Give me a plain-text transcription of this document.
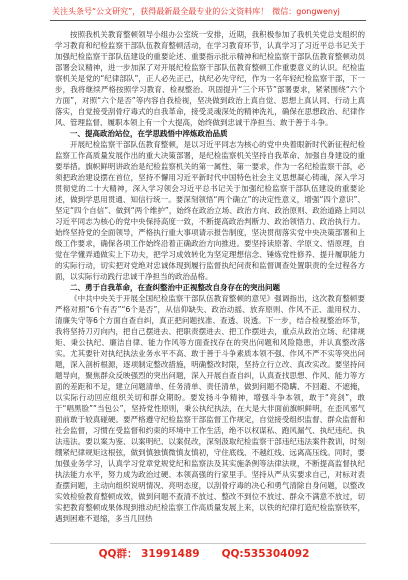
关注头条号“公文研究”，获得最新最全最专业的公文资料库！ 微信：gongwenyj

按照我机关教育整顿领导小组办公室统一安排，近期，我积极参加了我机关党总支组织的学习教育和纪检监察干部队伍教育整顿活动，在学习教育环节，认真学习了习近平总书记关于加强纪检监察干部队伍建设的重要论述、重要指示批示精神和纪检监察干部队伍教育整顿动员部署会议精神，进一步加深了对开展纪检监察干部队伍教育整顿工作重要意义的认识。纪检监察机关是党的“纪律部队”，正人必先正己，执纪必先守纪，作为一名年轻纪检监察干部，下一步，我将继续严格按照学习教育、检视整治、巩固提升“三个环节”部署要求，紧紧围绕“六个方面”，对照“六个是否”等内容自我检视，坚决做到政治上真自觉、思想上真认同、行动上真落实，自觉接受刮骨疗毒式的自我革命，接受灵魂深处的精神洗礼，确保在思想政治、纪律作风、管理监督、履职本领上有一个大提高，始终做到忠诚干净担当、敢于善于斗争。

一、提高政治站位，在学思践悟中淬炼政治品质

开展纪检监察干部队伍教育整顿，是以习近平同志为核心的党中央着眼新时代新征程纪检监察工作高质量发展作出的重大决策部署，是纪检监察机关坚持自我革命、加强自身建设的重要举措。旗帜鲜明讲政治是纪检监察机关的第一属性、第一要求，作为一名纪检监察干部，必须把政治建设摆在首位，坚持不懈用习近平新时代中国特色社会主义思想凝心铸魂，深入学习贯彻党的二十大精神，深入学习领会习近平总书记关于加强纪检监察干部队伍建设的重要论述，做到学思用贯通、知信行统一。要深刻领悟“两个确立”的决定性意义，增强“四个意识”、坚定“四个自信”、做到“两个维护”，始终在政治立场、政治方向、政治原则、政治道路上同以习近平同志为核心的党中央保持高度一致，不断提高政治判断力、政治领悟力、政治执行力。始终坚持党的全面领导，严格执行重大事项请示报告制度，坚决贯彻落实党中央决策部署和上级工作要求，确保各项工作始终沿着正确政治方向推进。要坚持读原著、学原文、悟原理，自觉在学懂弄通做实上下功夫，把学习成效转化为坚定理想信念、锤炼党性修养、提升履职能力的实际行动，切实把对党绝对忠诚体现到履行监督执纪问责和监督调查处置职责的全过程各方面，以实际行动践行忠诚干净担当的政治品格。

二、勇于自我革命，在查纠整治中正视整改自身存在的突出问题

《中共中央关于开展全国纪检监察干部队伍教育整顿的意见》强调指出，这次教育整顿要严格对照“6个有否”“6个是否”，从信仰缺失、政治动摇、放弃原则、作风不正、滥用权力、清廉失守等6个方面自查自纠，真正把问题找准、查透、说透。下一步，结合检视整治环节，我将坚持刀刃向内，把自己摆进去、把职责摆进去、把工作摆进去，重点从政治立场、纪律规矩、秉公执纪、廉洁自律、能力作风等方面查找存在的突出问题和风险隐患，并认真整改落实。尤其要针对执纪执法业务水平不高、敢于善于斗争素质本领不强、作风不严不实等突出问题，深入剖析根源，逐项制定整改措施，明确整改时限，坚持立行立改、真改实改。要坚持问题导向，聚焦群众反映强烈的突出问题，深入开展自查自纠，认真查找思想、作风、能力等方面的差距和不足，建立问题清单、任务清单、责任清单，做到问题不隐瞒、不回避、不遮掩，以实际行动回应组织关切和群众期盼。要发扬斗争精神，增强斗争本领，敢于“亮剑”，敢于“唱黑脸”“当包公”，坚持党性原则，秉公执纪执法，在大是大非面前旗帜鲜明，在歪风邪气面前敢于较真碰硬。要严格遵守纪检监察干部监督工作规定，自觉接受组织监督、群众监督和社会监督，习惯在受监督和约束的环境中工作生活，绝不以权谋私、跑风漏气、执纪违纪、执法违法。要以案为鉴、以案明纪、以案促改，深刻汲取纪检监察干部违纪违法案件教训，时刻绷紧纪律规矩这根弦，做到慎独慎微慎友慎初，守住底线、不越红线、远离高压线。同时，要加强业务学习，认真学习党章党规党纪和监察法及其实施条例等法律法规，不断提高监督执纪执法能力水平，努力成为政治过硬、本领高强的行家里手。坚持从严从实要求自己，对标对表查摆问题，主动向组织说明情况、亮明态度，以刮骨疗毒的决心和勇气清除自身问题，以整改实效检验教育整顿成效，做到问题不查清不放过、整改不到位不放过、群众不满意不放过，切实把教育整顿成果体现到推动纪检监察工作高质量发展上来，以铁的纪律打造纪检监察铁军，遇到困难不退缩，多当几回热

QQ群： 31991489 QQ:535304092
